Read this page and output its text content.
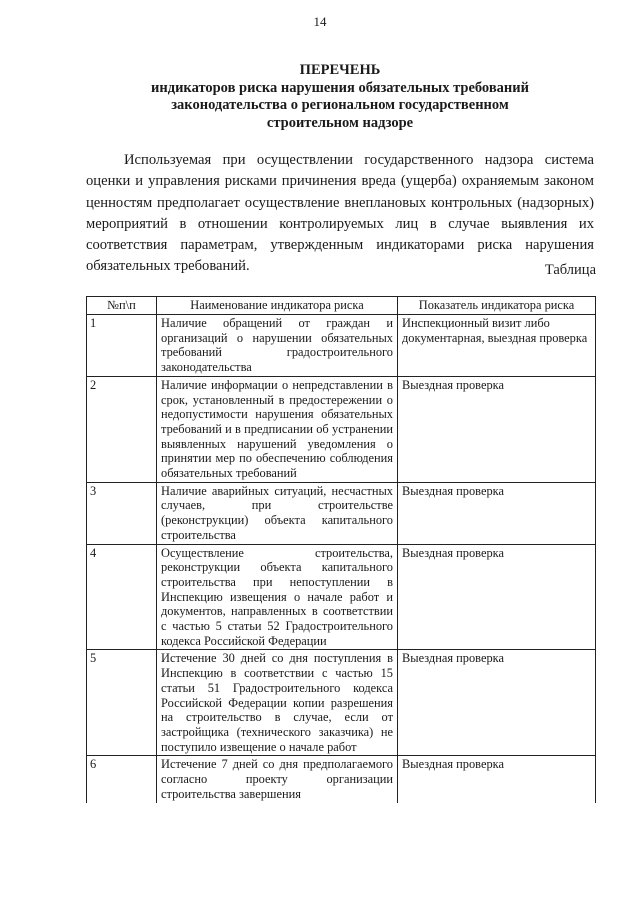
14
ПЕРЕЧЕНЬ
индикаторов риска нарушения обязательных требований
законодательства о региональном государственном
строительном надзоре

Используемая при осуществлении государственного надзора система оценки и управления рисками причинения вреда (ущерба) охраняемым законом ценностям предполагает осуществление внеплановых контрольных (надзорных) мероприятий в отношении контролируемых лиц в случае выявления их соответствия параметрам, утвержденным индикаторами риска нарушения обязательных требований.	Таблица
№п\п	Наименование индикатора риска	Показатель индикатора риска
1	Наличие обращений от граждан и организаций о нарушении обязательных требований градостроительного законодательства	Инспекционный визит либо документарная, выездная проверка
2	Наличие информации о непредставлении в срок, установленный в предостережении о недопустимости нарушения обязательных требований и в предписании об устранении выявленных нарушений уведомления о принятии мер по обеспечению соблюдения обязательных требований	Выездная проверка
3	Наличие аварийных ситуаций, несчастных случаев, при строительстве (реконструкции) объекта капитального строительства	Выездная проверка
4	Осуществление строительства, реконструкции объекта капитального строительства при непоступлении в Инспекцию извещения о начале работ и документов, направленных в соответствии с частью 5 статьи 52 Градостроительного кодекса Российской Федерации	Выездная проверка
5	Истечение 30 дней со дня поступления в Инспекцию в соответствии с частью 15 статьи 51 Градостроительного кодекса Российской Федерации копии разрешения на строительство в случае, если от застройщика (технического заказчика) не поступило извещение о начале работ	Выездная проверка
6	Истечение 7 дней со дня предполагаемого согласно проекту организации строительства завершения	Выездная проверка
